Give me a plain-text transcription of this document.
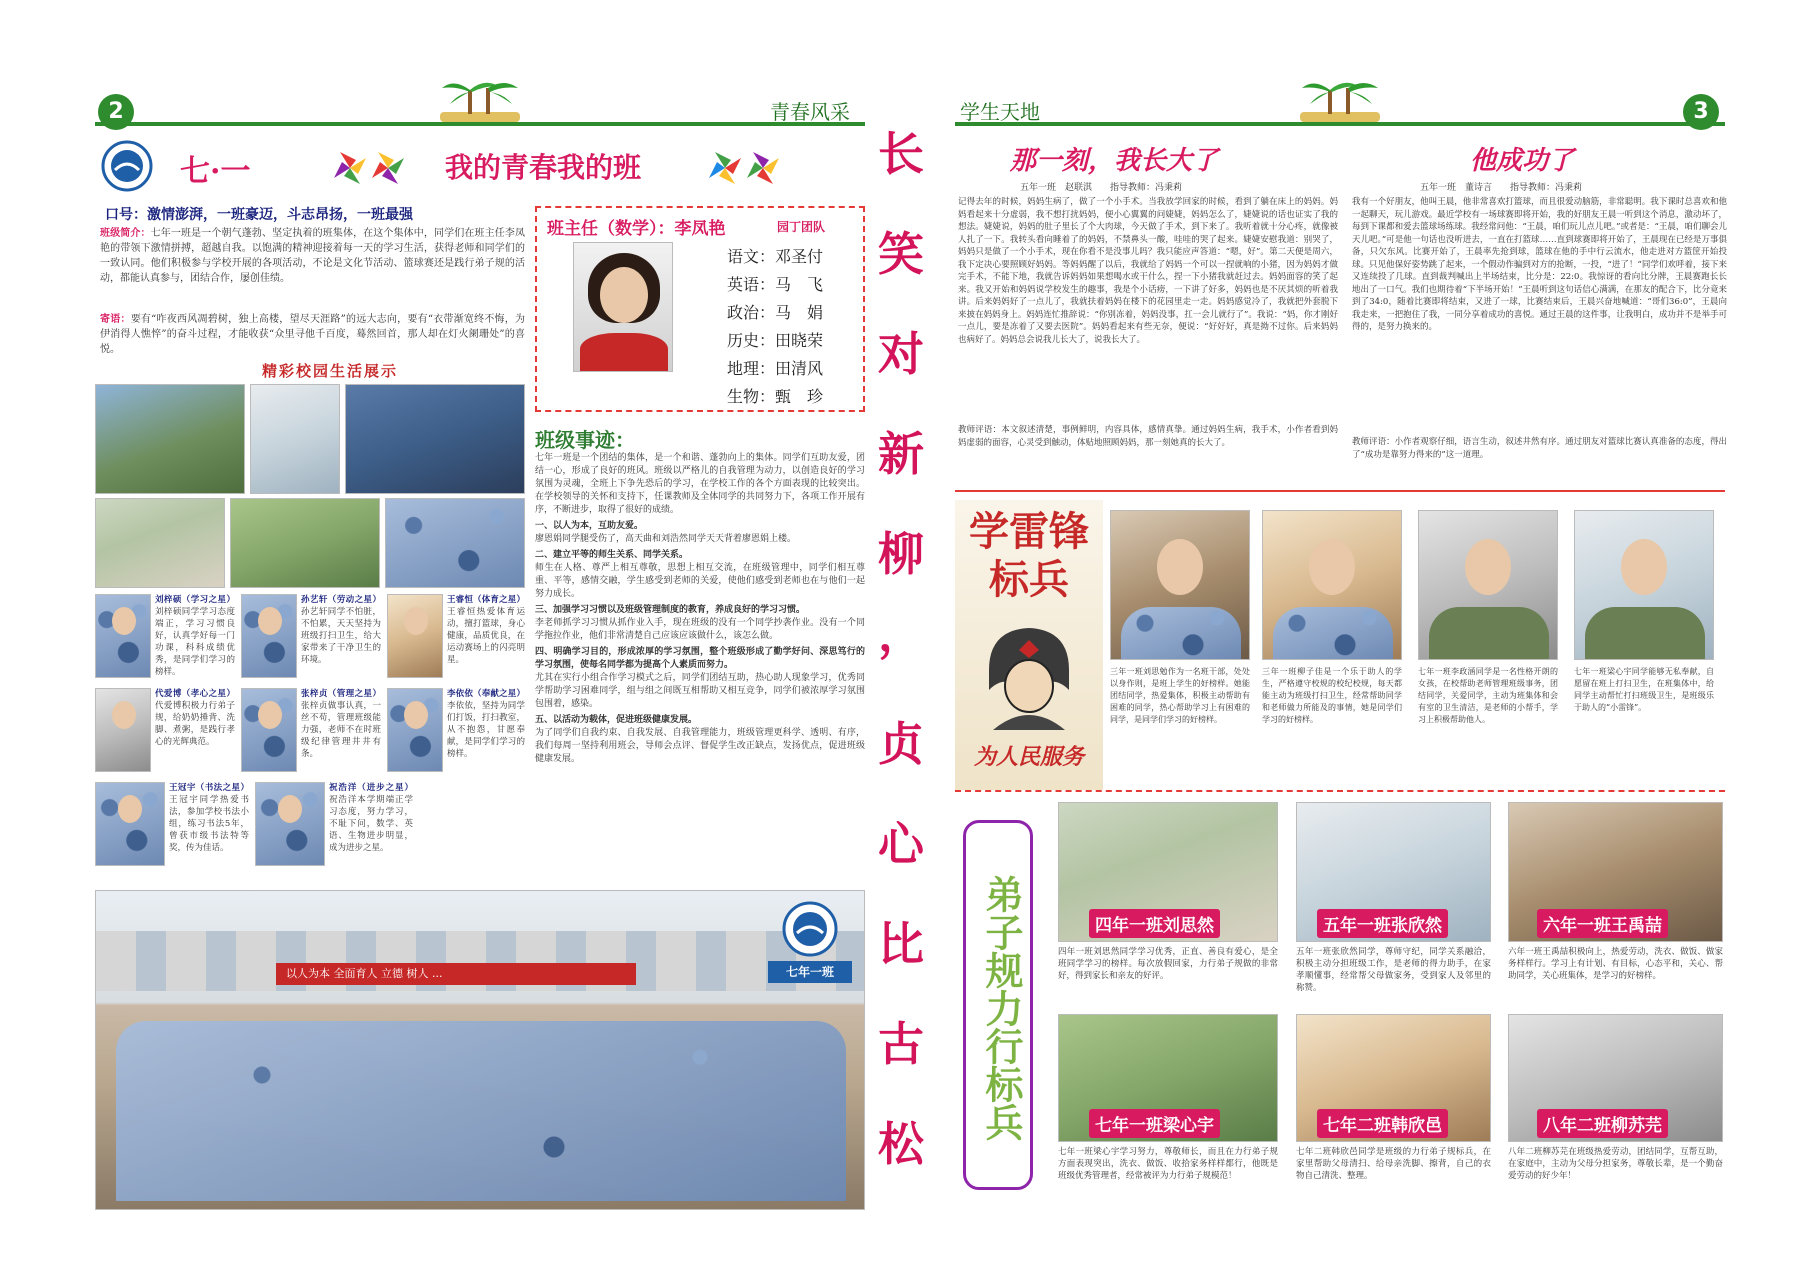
2	青春风采
七·一	我的青春我的班
口号：激情澎湃，一班豪迈，斗志昂扬，一班最强
班级简介：七年一班是一个朝气蓬勃、坚定执着的班集体，在这个集体中，同学们在班主任李凤艳的带领下激情拼搏，超越自我。以饱满的精神迎接着每一天的学习生活，获得老师和同学们的一致认同。他们积极参与学校开展的各项活动，不论是文化节活动、篮球赛还是践行弟子规的活动，都能认真参与，团结合作，屡创佳绩。
寄语：要有“咋夜西风凋碧树，独上高楼，望尽天涯路”的远大志向，要有“衣带渐宽终不悔，为伊消得人憔悴”的奋斗过程，才能收获“众里寻他千百度，蓦然回首，那人却在灯火阑珊处”的喜悦。
精彩校园生活展示
刘梓硕（学习之星）刘梓硕同学学习态度端正，学习习惯良好，认真学好每一门功课，科科成绩优秀，是同学们学习的榜样。
孙艺轩（劳动之星）孙艺轩同学不怕脏，不怕累，天天坚持为班级打扫卫生，给大家带来了干净卫生的环境。
王睿恒（体育之星）王睿恒热爱体育运动，擅打篮球，身心健康，品质优良，在运动赛场上的闪亮明星。
代爱博（孝心之星）代爱博积极力行弟子规，给奶奶捶背、洗脚、煮粥，是践行孝心的光辉典范。
张梓贞（管理之星）张梓贞做事认真，一丝不苟，管理班级能力强，老师不在时班级纪律管理井井有条。
李依依（奉献之星）李依依，坚持为同学们打饭，打扫教室，从不抱怨，甘愿奉献，是同学们学习的榜样。
王冠宇（书法之星）王冠宇同学热爱书法，参加学校书法小组，练习书法5年，曾获市级书法特等奖，传为佳话。
祝浩洋（进步之星）祝浩洋本学期端正学习态度，努力学习，不耻下问，数学、英语、生物进步明显，成为进步之星。
班主任（数学）：李凤艳	园丁团队
语文：邓圣付
英语：马　飞
政治：马　娟
历史：田晓荣
地理：田清风
生物：甄　珍
班级事迹：

七年一班是一个团结的集体，是一个和谐、蓬勃向上的集体。同学们互助友爱，团结一心，形成了良好的班风。班级以严格儿的自我管理为动力，以创造良好的学习氛围为灵魂，全班上下争先恐后的学习，在学校工作的各个方面表现的比较突出。在学校领导的关怀和支持下，任课教师及全体同学的共同努力下，各项工作开展有序，不断进步，取得了很好的成绩。

一、以人为本，互助友爱。

廖恩娟同学腿受伤了，高天曲和刘浩然同学天天背着廖恩娟上楼。

二、建立平等的师生关系、同学关系。

师生在人格、尊严上相互尊敬，思想上相互交流，在班级管理中，同学们相互尊重、平等，感情交融，学生感受到老师的关爱，使他们感受到老师也在与他们一起努力成长。

三、加强学习习惯以及班级管理制度的教育，养成良好的学习习惯。

李老师抓学习习惯从抓作业入手，现在班级的没有一个同学抄袭作业。没有一个同学拖拉作业，他们非常清楚自己应该应该做什么，该怎么做。

四、明确学习目的，形成浓厚的学习氛围，整个班级形成了勤学好问、深思笃行的学习氛围，使每名同学都为提高个人素质而努力。

尤其在实行小组合作学习模式之后，同学们团结互助，热心助人现象学习，优秀同学帮助学习困难同学，组与组之间既互相帮助又相互竞争，同学们被浓厚学习氛围包围着，感染。

五、以活动为载体，促进班级健康发展。

为了同学们自我约束、自我发展、自我管理能力，班级管理更科学、透明、有序，我们每周一坚持利用班会，导师会点评、督促学生改正缺点，发扬优点，促进班级健康发展。

以人为本 全面育人 立德 树人 ...	七年一班
长
笑
对
新
柳
，
贞
心
比
古
松
学生天地	3
那一刻，我长大了
五年一班　赵联淇　　指导教师：冯秉莉
记得去年的时候，妈妈生病了，做了一个小手术。当我放学回家的时候，看到了躺在床上的妈妈。妈妈看起来十分虚弱，我不想打扰妈妈，便小心翼翼的问婕婕，妈妈怎么了，婕婕说的话也证实了我的想法。婕婕说，妈妈的肚子里长了个大肉球，今天做了手术，到下来了。我听着就十分心疼，就像被人扎了一下。我转头看向睡着了的妈妈，不禁鼻头一酸，哇哇的哭了起来。婕婕安慰我道：别哭了，妈妈只是做了一个小手术，现在你看不是没事儿吗？我只能应声答道：“嗯，好”。第二天便是周六，我下定决心要照顾好妈妈。等妈妈醒了以后，我就给了妈妈一个可以一捏就响的小猪，因为妈妈才做完手术，不能下地，我就告诉妈妈如果想喝水或干什么，捏一下小猪我就赶过去。妈妈面容的笑了起来。我又开始和妈妈说学校发生的趣事，我是个小话痨，一下讲了好多，妈妈也是不厌其烦的听着我讲。后来妈妈好了一点儿了，我就扶着妈妈在楼下的花园里走一走。妈妈感觉冷了，我就把外套脱下来披在妈妈身上。妈妈连忙推辞说：“你别冻着，妈妈没事，扛一会儿就行了”。我说：“妈，你才刚好一点儿，要是冻着了又要去医院”。妈妈看起来有些无奈，便说：“好好好，真是拗不过你。后来妈妈也病好了。妈妈总会说我儿长大了，说我长大了。
教师评语：本文叙述清楚，事例鲜明，内容具体，感情真挚。通过妈妈生病，我手术，小作者看到妈妈虚弱的面容，心灵受到触动，体贴地照顾妈妈，那一刻她真的长大了。
他成功了
五年一班　董诗言　　指导教师：冯秉莉
我有一个好朋友，他叫王晨，他非常喜欢打篮球，而且很爱动脑筋，非常聪明。我下课时总喜欢和他一起聊天，玩儿游戏。最近学校有一场球赛即将开始，我的好朋友王晨一听到这个消息，激动坏了，每到下课都和爱去篮球场练球。我经常问他：“王晨，咱们玩儿点儿吧。”或者是：“王晨，咱们聊会儿天儿吧。”可是他一句话也没听进去，一直在打篮球……直到球赛即将开始了，王晨现在已经是万事俱备，只欠东风。比赛开始了，王晨率先抢到球，篮球在他的手中行云流水，他走进对方篮筐开始投球。只见他保好姿势跳了起来，一个假动作骗到对方的抢断，一投，“进了！”同学们欢呼着，接下来又连续投了几球。直到裁判喊出上半场结束，比分是：22:0。我惊讶的看向比分牌，王晨赛跑长长地出了一口气。我们也期待着“下半场开始！”王晨听到这句话信心满满，在那友的配合下，比分竟来到了34:0，随着比赛即将结束，又进了一球，比赛结束后，王晨兴奋地喊道：“哥们36:0”，王晨向我走来，一把抱住了我，一同分享着成功的喜悦。通过王晨的这件事，让我明白，成功并不是举手可得的，是努力换来的。
教师评语：小作者观察仔细，语言生动，叙述井然有序。通过朋友对篮球比赛认真准备的态度，得出了“成功是靠努力得来的”这一道理。
学雷锋标兵
为人民服务
三年一班刘思勉作为一名班干部，处处以身作则，是班上学生的好榜样。她能团结同学，热爱集体，积极主动帮助有困难的同学，热心帮助学习上有困难的同学，是同学们学习的好榜样。
三年一班柳子佳是一个乐于助人的学生，严格遵守校规的校纪校规，每天都能主动为班级打扫卫生，经常帮助同学和老师做力所能及的事情，她是同学们学习的好榜样。
七年一班李政涵同学是一名性格开朗的女孩，在校帮助老师管理班级事务，团结同学，关爱同学，主动为班集体和会有室的卫生清洁，是老师的小帮手，学习上积极帮助他人。
七年一班梁心宇同学能够无私奉献，自愿留在班上打扫卫生，在班集体中，给同学主动帮忙打扫班级卫生，是班级乐于助人的“小雷锋”。
弟子规力行标兵	四年一班刘思然	五年一班张欣然	六年一班王禹喆
四年一班刘思然同学学习优秀，正直、善良有爱心，是全班同学学习的榜样。每次放假回家，力行弟子规做的非常好，得到家长和亲友的好评。
五年一班张欣然同学，尊师守纪，同学关系融洽，积极主动分担班级工作，是老师的得力助手，在家孝顺懂事，经常帮父母做家务，受到家人及邻里的称赞。
六年一班王禹喆积极向上，热爱劳动，洗衣、做饭、做家务样样行。学习上有计划、有目标，心态平和，关心、帮助同学，关心班集体，是学习的好榜样。
七年一班梁心宇	七年二班韩欣邑	八年二班柳苏芫
七年一班梁心宇学习努力，尊敬师长，而且在力行弟子规方面表现突出，洗衣、做饭、收拾家务样样都行，他既是班级优秀管理者，经常被评为力行弟子规模范！
七年二班韩欣邑同学是班级的力行弟子规标兵，在家里帮助父母清扫、给母亲洗脚、擦背，自己的衣物自己清洗、整理。
八年二班柳苏芫在班级热爱劳动，团结同学，互帮互助，在家庭中，主动为父母分担家务，尊敬长辈，是一个勤奋爱劳动的好少年！
